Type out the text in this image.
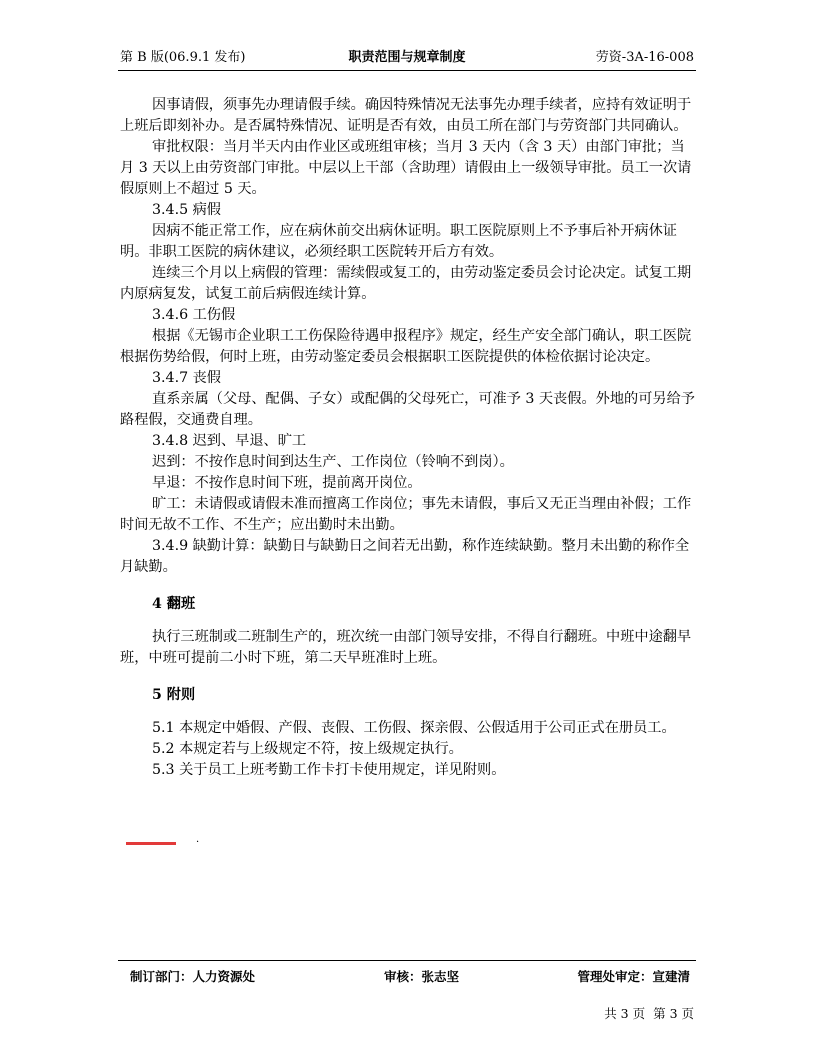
第 B 版(06.9.1 发布)	职责范围与规章制度	劳资-3A-16-008

因事请假，须事先办理请假手续。确因特殊情况无法事先办理手续者，应持有效证明于上班后即刻补办。是否属特殊情况、证明是否有效，由员工所在部门与劳资部门共同确认。

审批权限：当月半天内由作业区或班组审核；当月 3 天内（含 3 天）由部门审批；当月 3 天以上由劳资部门审批。中层以上干部（含助理）请假由上一级领导审批。员工一次请假原则上不超过 5 天。

3.4.5 病假

因病不能正常工作，应在病休前交出病休证明。职工医院原则上不予事后补开病休证明。非职工医院的病休建议，必须经职工医院转开后方有效。

连续三个月以上病假的管理：需续假或复工的，由劳动鉴定委员会讨论决定。试复工期内原病复发，试复工前后病假连续计算。

3.4.6 工伤假

根据《无锡市企业职工工伤保险待遇申报程序》规定，经生产安全部门确认，职工医院根据伤势给假，何时上班，由劳动鉴定委员会根据职工医院提供的体检依据讨论决定。

3.4.7 丧假

直系亲属（父母、配偶、子女）或配偶的父母死亡，可准予 3 天丧假。外地的可另给予路程假，交通费自理。

3.4.8 迟到、早退、旷工

迟到：不按作息时间到达生产、工作岗位（铃响不到岗）。

早退：不按作息时间下班，提前离开岗位。

旷工：未请假或请假未准而擅离工作岗位；事先未请假，事后又无正当理由补假；工作时间无故不工作、不生产；应出勤时未出勤。

3.4.9 缺勤计算：缺勤日与缺勤日之间若无出勤，称作连续缺勤。整月未出勤的称作全月缺勤。

4 翻班

执行三班制或二班制生产的，班次统一由部门领导安排，不得自行翻班。中班中途翻早班，中班可提前二小时下班，第二天早班准时上班。

5 附则

5.1 本规定中婚假、产假、丧假、工伤假、探亲假、公假适用于公司正式在册员工。

5.2 本规定若与上级规定不符，按上级规定执行。

5.3 关于员工上班考勤工作卡打卡使用规定，详见附则。

·
制订部门：人力资源处	审核：张志坚	管理处审定：宣建清
共 3 页 第 3 页
